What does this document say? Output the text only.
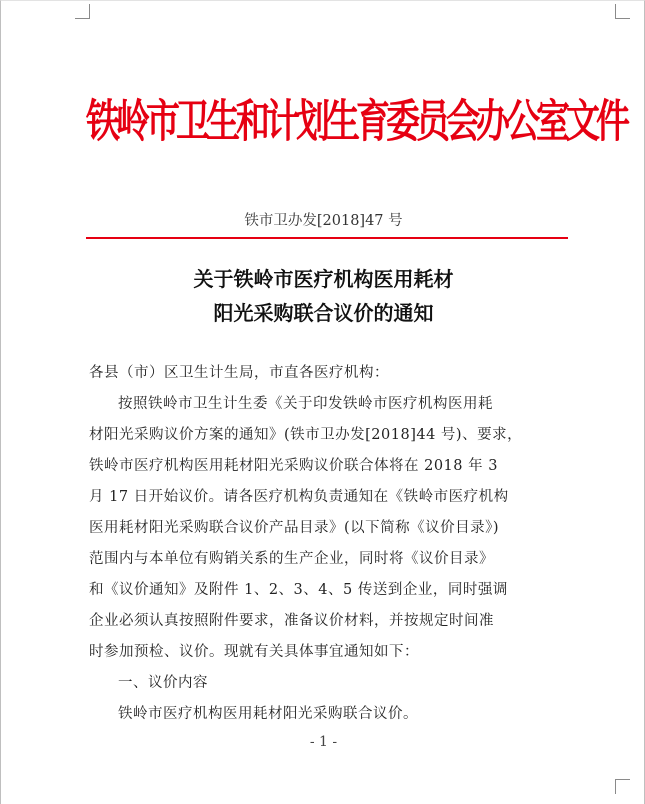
铁岭市卫生和计划生育委员会办公室文件
铁市卫办发[2018]47 号
关于铁岭市医疗机构医用耗材
阳光采购联合议价的通知
各县（市）区卫生计生局，市直各医疗机构：
按照铁岭市卫生计生委《关于印发铁岭市医疗机构医用耗
材阳光采购议价方案的通知》(铁市卫办发[2018]44 号)、要求，
铁岭市医疗机构医用耗材阳光采购议价联合体将在 2018 年 3
月 17 日开始议价。请各医疗机构负责通知在《铁岭市医疗机构
医用耗材阳光采购联合议价产品目录》(以下简称《议价目录》)
范围内与本单位有购销关系的生产企业，同时将《议价目录》
和《议价通知》及附件 1、2、3、4、5 传送到企业，同时强调
企业必须认真按照附件要求，准备议价材料，并按规定时间准
时参加预检、议价。现就有关具体事宜通知如下：
一、议价内容
铁岭市医疗机构医用耗材阳光采购联合议价。
- 1 -
